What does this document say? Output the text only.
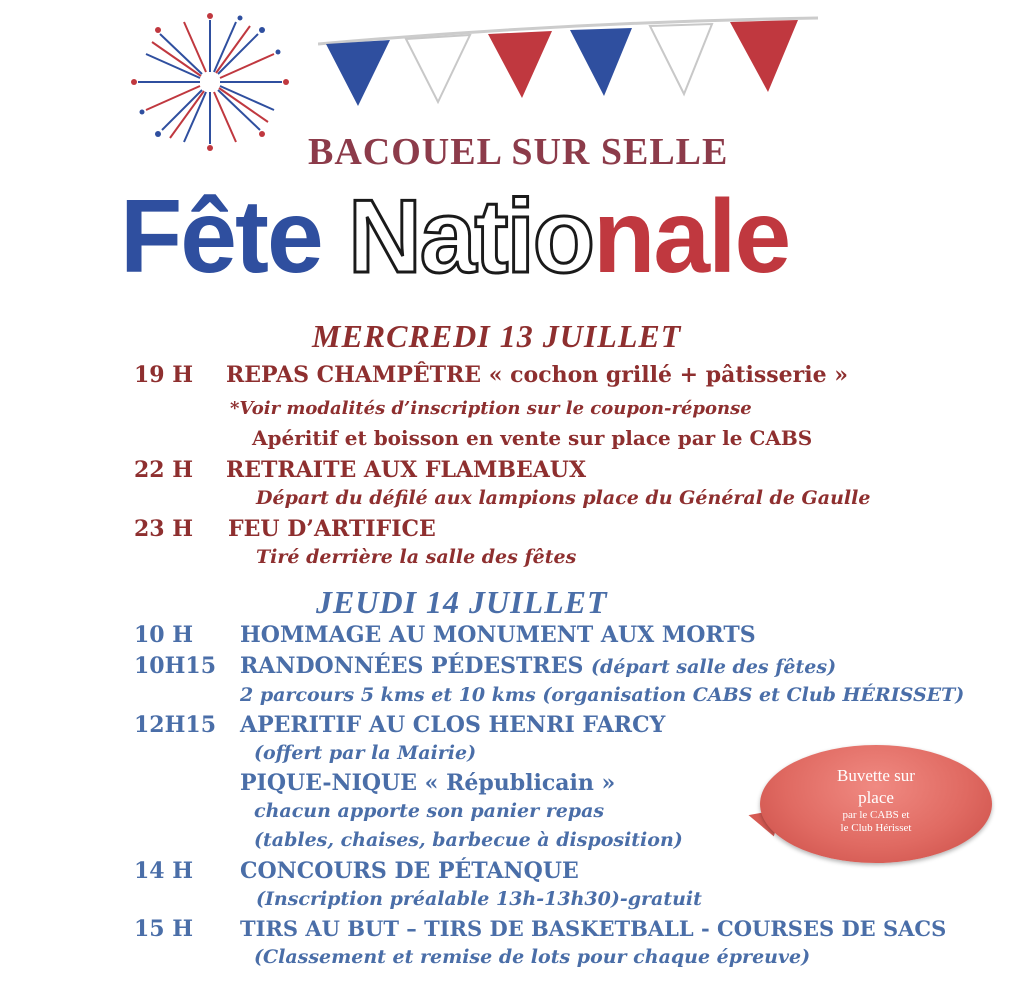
BACOUEL SUR SELLE
Fête Nationale
MERCREDI 13 JUILLET
19 H REPAS CHAMPÊTRE « cochon grillé + pâtisserie »
*Voir modalités d’inscription sur le coupon-réponse
Apéritif et boisson en vente sur place par le CABS
22 H RETRAITE AUX FLAMBEAUX
Départ du défilé aux lampions place du Général de Gaulle
23 H FEU D’ARTIFICE
Tiré derrière la salle des fêtes
JEUDI 14 JUILLET
10 H HOMMAGE AU MONUMENT AUX MORTS
10H15 RANDONNÉES PÉDESTRES (départ salle des fêtes)
2 parcours 5 kms et 10 kms (organisation CABS et Club HÉRISSET)
12H15 APERITIF AU CLOS HENRI FARCY
(offert par la Mairie)
PIQUE-NIQUE « Républicain »
chacun apporte son panier repas
(tables, chaises, barbecue à disposition)
14 H CONCOURS DE PÉTANQUE
(Inscription préalable 13h-13h30)-gratuit
15 H TIRS AU BUT – TIRS DE BASKETBALL - COURSES DE SACS
(Classement et remise de lots pour chaque épreuve)
Buvette sur
place
par le CABS et
le Club Hérisset
